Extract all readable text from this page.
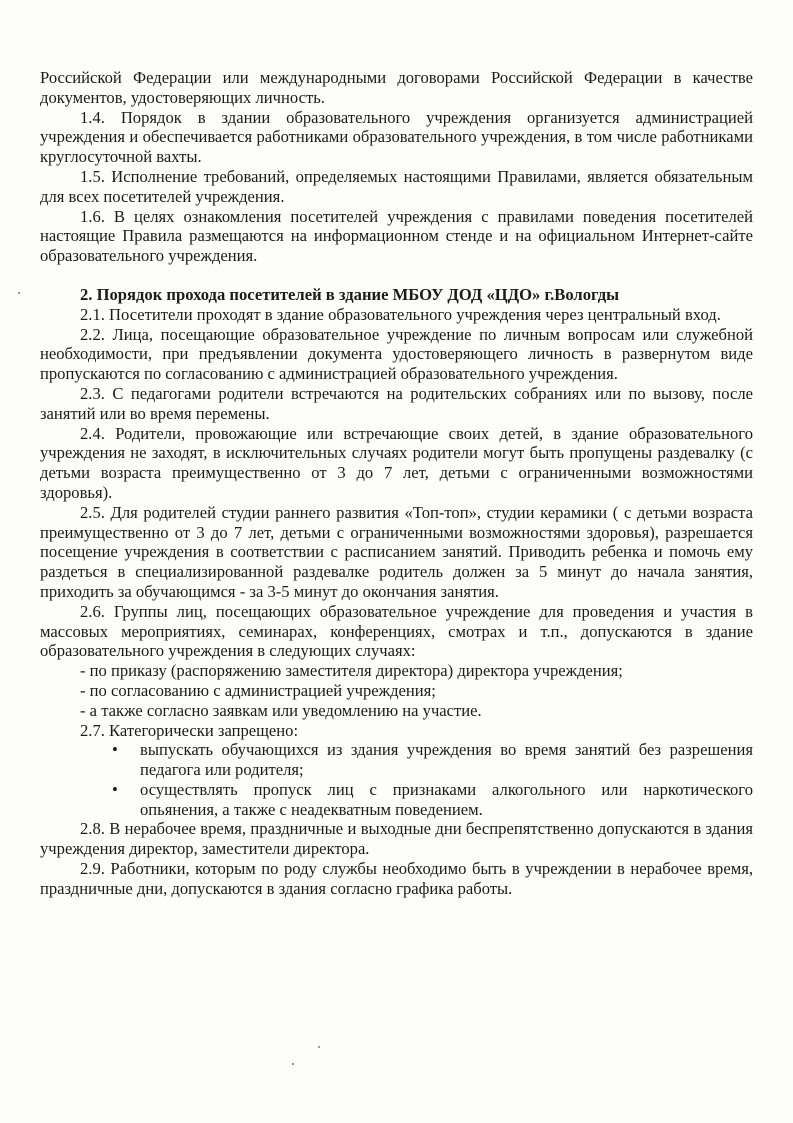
Российской Федерации или международными договорами Российской Федерации в качестве документов, удостоверяющих личность.

1.4. Порядок в здании образовательного учреждения организуется администрацией учреждения и обеспечивается работниками образовательного учреждения, в том числе работниками круглосуточной вахты.

1.5. Исполнение требований, определяемых настоящими Правилами, является обязательным для всех посетителей учреждения.

1.6. В целях ознакомления посетителей учреждения с правилами поведения посетителей настоящие Правила размещаются на информационном стенде и на официальном Интернет-сайте образовательного учреждения.

2. Порядок прохода посетителей в здание МБОУ ДОД «ЦДО» г.Вологды

2.1. Посетители проходят в здание образовательного учреждения через центральный вход.

2.2. Лица, посещающие образовательное учреждение по личным вопросам или служебной необходимости, при предъявлении документа удостоверяющего личность в развернутом виде пропускаются по согласованию с администрацией образовательного учреждения.

2.3. С педагогами родители встречаются на родительских собраниях или по вызову, после занятий или во время перемены.

2.4. Родители, провожающие или встречающие своих детей, в здание образовательного учреждения не заходят, в исключительных случаях родители могут быть пропущены раздевалку (с детьми возраста преимущественно от 3 до 7 лет, детьми с ограниченными возможностями здоровья).

2.5. Для родителей студии раннего развития «Топ-топ», студии керамики ( с детьми возраста преимущественно от 3 до 7 лет, детьми с ограниченными возможностями здоровья), разрешается посещение учреждения в соответствии с расписанием занятий. Приводить ребенка и помочь ему раздеться в специализированной раздевалке родитель должен за 5 минут до начала занятия, приходить за обучающимся - за 3-5 минут до окончания занятия.

2.6. Группы лиц, посещающих образовательное учреждение для проведения и участия в массовых мероприятиях, семинарах, конференциях, смотрах и т.п., допускаются в здание образовательного учреждения в следующих случаях:

- по приказу (распоряжению заместителя директора) директора учреждения;

- по согласованию с администрацией учреждения;

- а также согласно заявкам или уведомлению на участие.

2.7. Категорически запрещено:

• выпускать обучающихся из здания учреждения во время занятий без разрешения педагога или родителя;
• осуществлять пропуск лиц с признаками алкогольного или наркотического опьянения, а также с неадекватным поведением.

2.8. В нерабочее время, праздничные и выходные дни беспрепятственно допускаются в здания учреждения директор, заместители директора.

2.9. Работники, которым по роду службы необходимо быть в учреждении в нерабочее время, праздничные дни, допускаются в здания согласно графика работы.
